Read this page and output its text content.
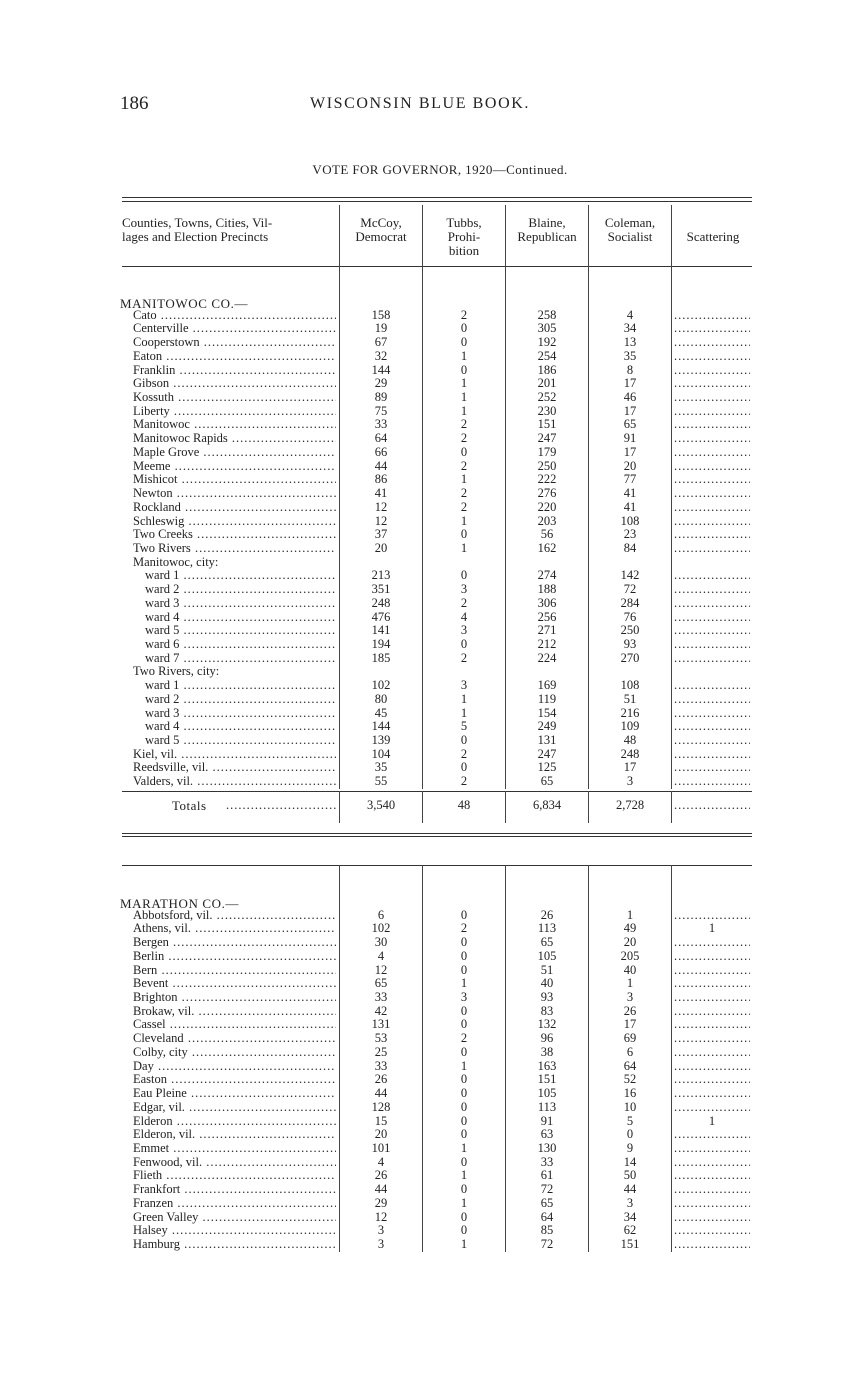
186	WISCONSIN BLUE BOOK.
VOTE FOR GOVERNOR, 1920—Continued.
Counties, Towns, Cities, Vil-
lages and Election Precincts
McCoy,
Democrat
Tubbs,
Prohi-
bition
Blaine,
Republican
Coleman,
Socialist	Scattering
Cato .....	158	2	258	4
.....
Centerville .....	19	0	305	34
.....
Cooperstown .....	67	0	192	13
.....
Eaton .....	32	1	254	35
.....
Franklin .....	144	0	186	8
.....
Gibson .....	29	1	201	17
.....
Kossuth .....	89	1	252	46
.....
Liberty .....	75	1	230	17
.....
Manitowoc .....	33	2	151	65
.....
Manitowoc Rapids .....	64	2	247	91
.....
Maple Grove .....	66	0	179	17
.....
Meeme .....	44	2	250	20
.....
Mishicot .....	86	1	222	77
.....
Newton .....	41	2	276	41
.....
Rockland .....	12	2	220	41
.....
Schleswig .....	12	1	203	108
.....
Two Creeks .....	37	0	56	23
.....
Two Rivers .....	20	1	162	84
.....
Manitowoc, city:
ward 1 .....	213	0	274	142
.....
ward 2 .....	351	3	188	72
.....
ward 3 .....	248	2	306	284
.....
ward 4 .....	476	4	256	76
.....
ward 5 .....	141	3	271	250
.....
ward 6 .....	194	0	212	93
.....
ward 7 .....	185	2	224	270
.....
Two Rivers, city:
ward 1 .....	102	3	169	108
.....
ward 2 .....	80	1	119	51
.....
ward 3 .....	45	1	154	216
.....
ward 4 .....	144	5	249	109
.....
ward 5 .....	139	0	131	48
.....
Kiel, vil. .....	104	2	247	248
.....
Reedsville, vil. .....	35	0	125	17
.....
Valders, vil. .....	55	2	65	3
.....
Totals
.....	3,540	48	6,834	2,728
.....
Abbotsford, vil. .....	6	0	26	1
.....
Athens, vil. .....	102	2	113	49	1
Bergen .....	30	0	65	20
.....
Berlin .....	4	0	105	205
.....
Bern .....	12	0	51	40
.....
Bevent .....	65	1	40	1
.....
Brighton .....	33	3	93	3
.....
Brokaw, vil. .....	42	0	83	26
.....
Cassel .....	131	0	132	17
.....
Cleveland .....	53	2	96	69
.....
Colby, city .....	25	0	38	6
.....
Day .....	33	1	163	64
.....
Easton .....	26	0	151	52
.....
Eau Pleine .....	44	0	105	16
.....
Edgar, vil. .....	128	0	113	10
.....
Elderon .....	15	0	91	5	1
Elderon, vil. .....	20	0	63	0
.....
Emmet .....	101	1	130	9
.....
Fenwood, vil. .....	4	0	33	14
.....
Flieth .....	26	1	61	50
.....
Frankfort .....	44	0	72	44
.....
Franzen .....	29	1	65	3
.....
Green Valley .....	12	0	64	34
.....
Halsey .....	3	0	85	62
.....
Hamburg .....	3	1	72	151
.....
MANITOWOC CO.—
MARATHON CO.—
